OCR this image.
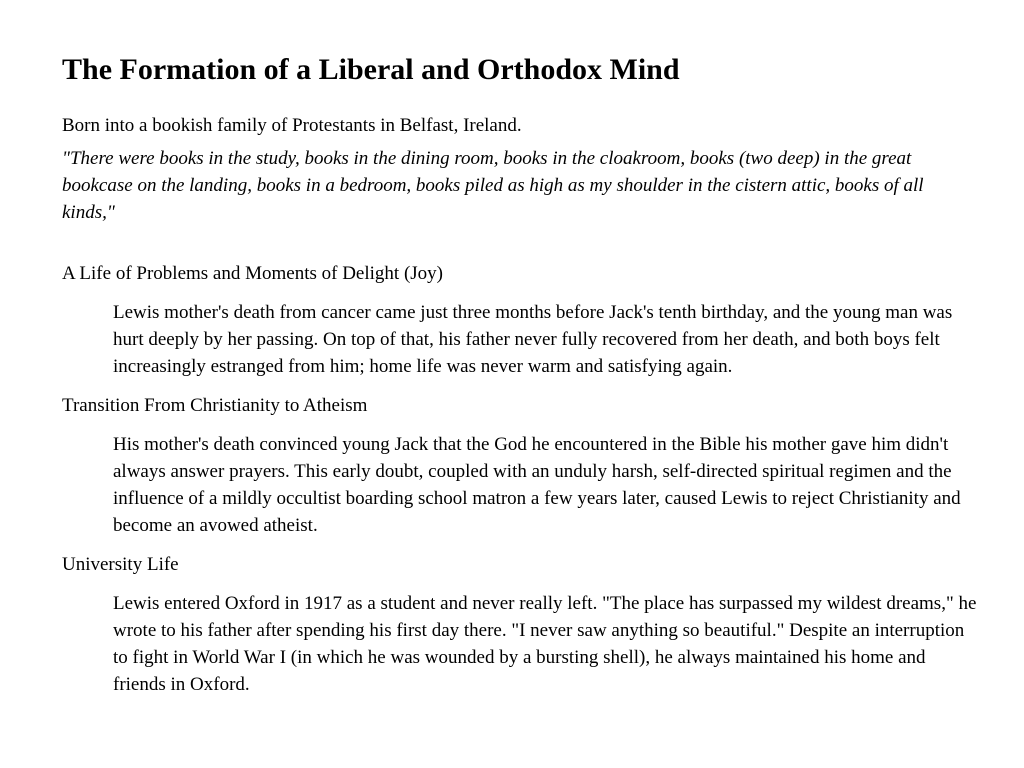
The Formation of a Liberal and Orthodox Mind

Born into a bookish family of Protestants in Belfast, Ireland.

"There were books in the study, books in the dining room, books in the cloakroom, books (two deep) in the great bookcase on the landing, books in a bedroom, books piled as high as my shoulder in the cistern attic, books of all kinds,"

A Life of Problems and Moments of Delight (Joy)
Lewis mother's death from cancer came just three months before Jack's tenth birthday, and the young man was hurt deeply by her passing. On top of that, his father never fully recovered from her death, and both boys felt increasingly estranged from him; home life was never warm and satisfying again.
Transition From Christianity to Atheism
His mother's death convinced young Jack that the God he encountered in the Bible his mother gave him didn't always answer prayers. This early doubt, coupled with an unduly harsh, self-directed spiritual regimen and the influence of a mildly occultist boarding school matron a few years later, caused Lewis to reject Christianity and become an avowed atheist.
University Life
Lewis entered Oxford in 1917 as a student and never really left. "The place has surpassed my wildest dreams," he wrote to his father after spending his first day there. "I never saw anything so beautiful." Despite an interruption to fight in World War I (in which he was wounded by a bursting shell), he always maintained his home and friends in Oxford.
